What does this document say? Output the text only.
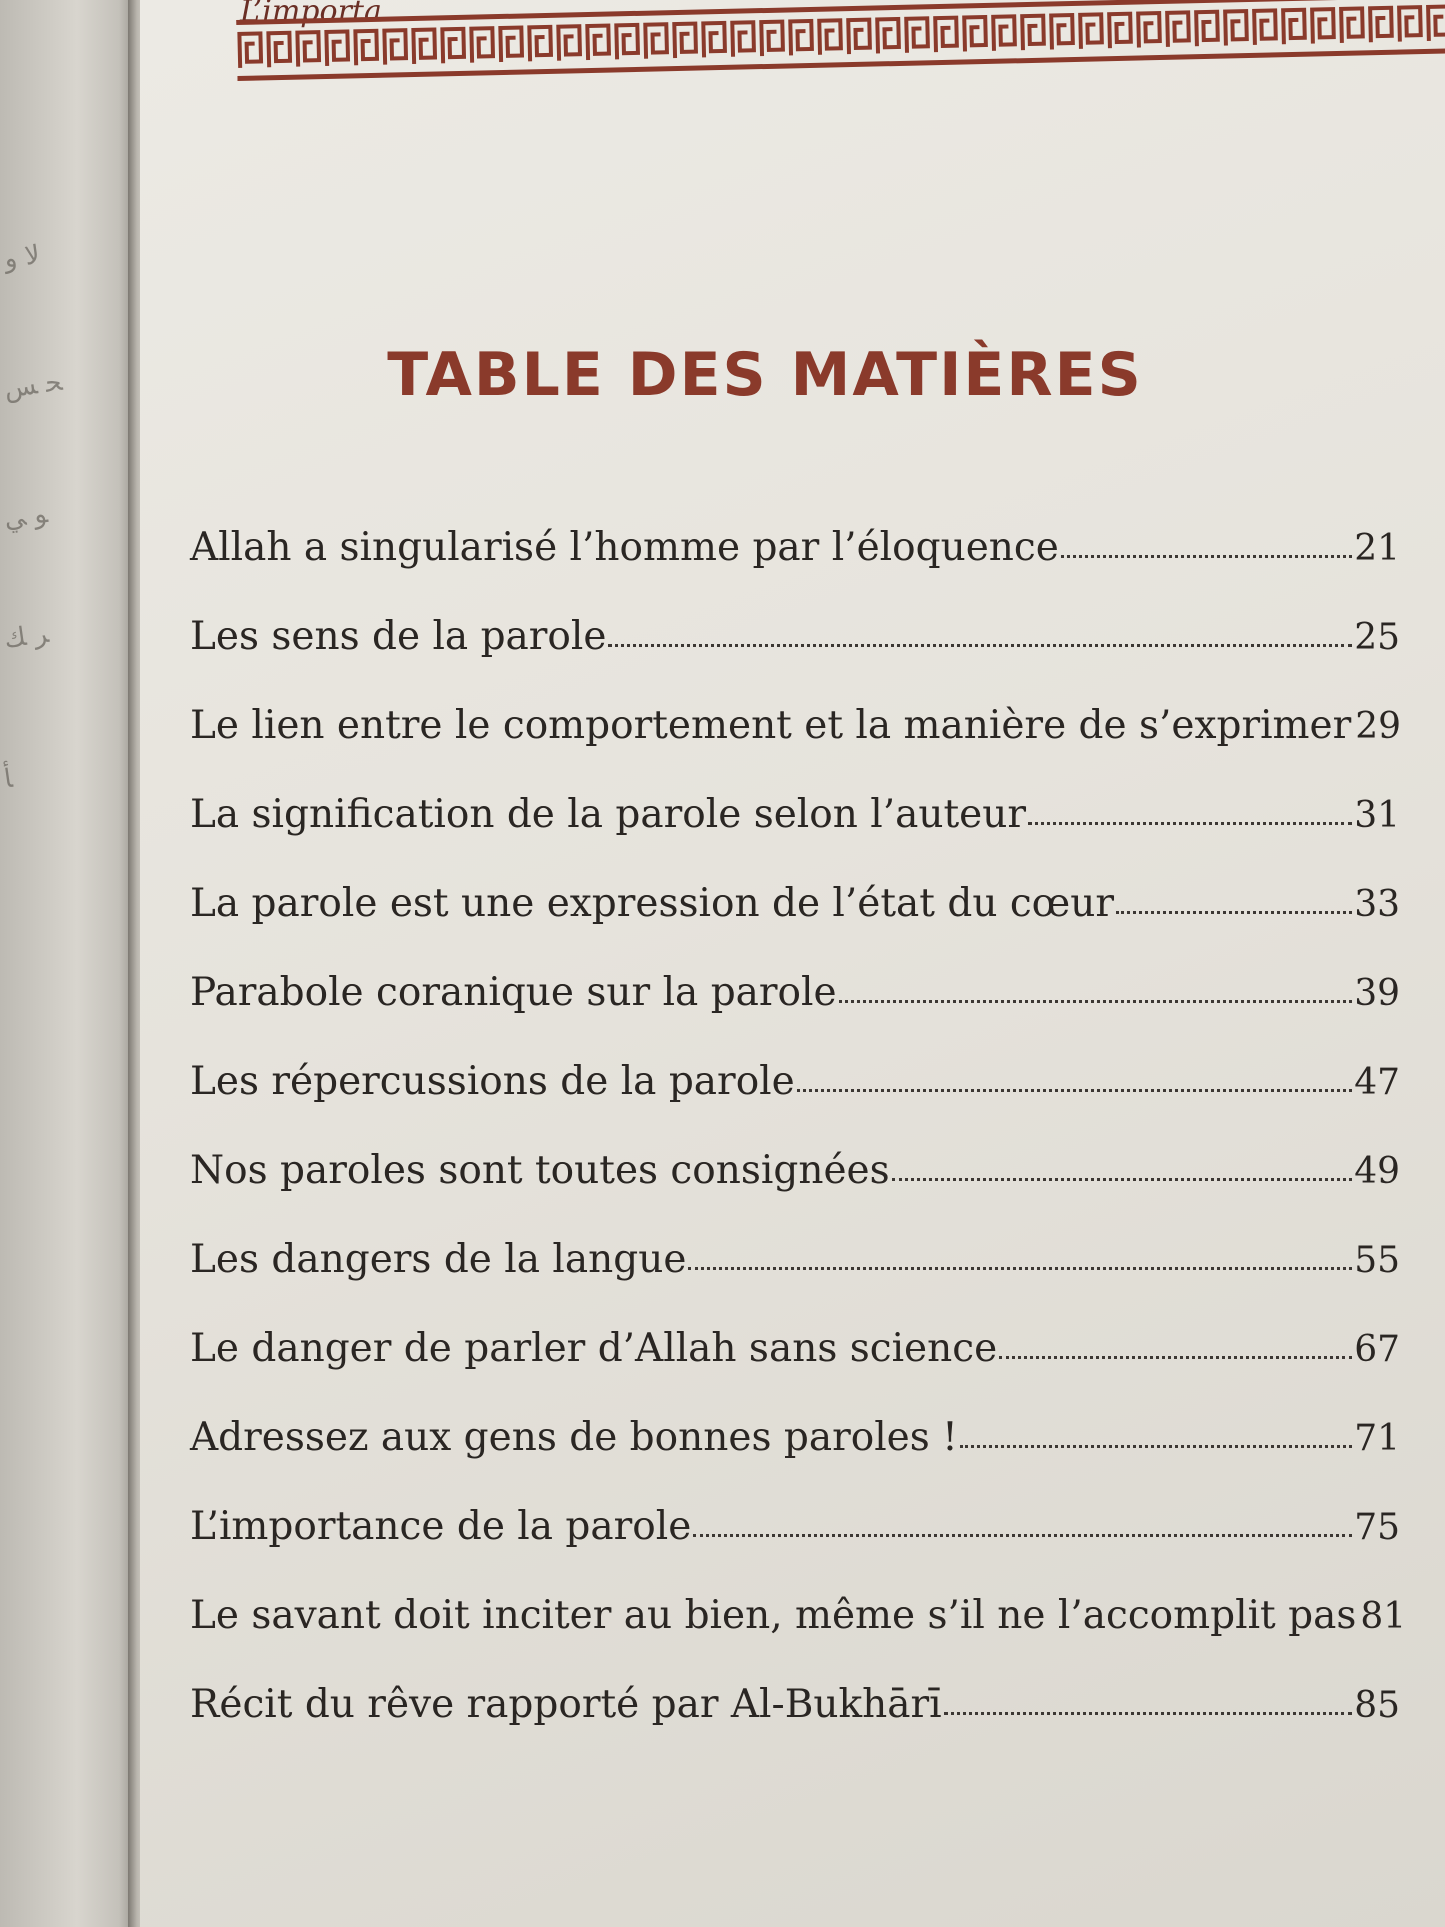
ﻻ ﻭ
ﺤ ﺲ
ﻮ ﻲ
ﺮ ﻚ
ﺄ
L’importa
TABLE DES MATIÈRES
Allah a singularisé l’homme par l’éloquence	21
Les sens de la parole	25
Le lien entre le comportement et la manière de s’exprimer 29
La signification de la parole selon l’auteur	31
La parole est une expression de l’état du cœur	33
Parabole coranique sur la parole	39
Les répercussions de la parole	47
Nos paroles sont toutes consignées	49
Les dangers de la langue	55
Le danger de parler d’Allah sans science	67
Adressez aux gens de bonnes paroles !	71
L’importance de la parole	75
Le savant doit inciter au bien, même s’il ne l’accomplit pas 81
Récit du rêve rapporté par Al-Bukhārī	85
